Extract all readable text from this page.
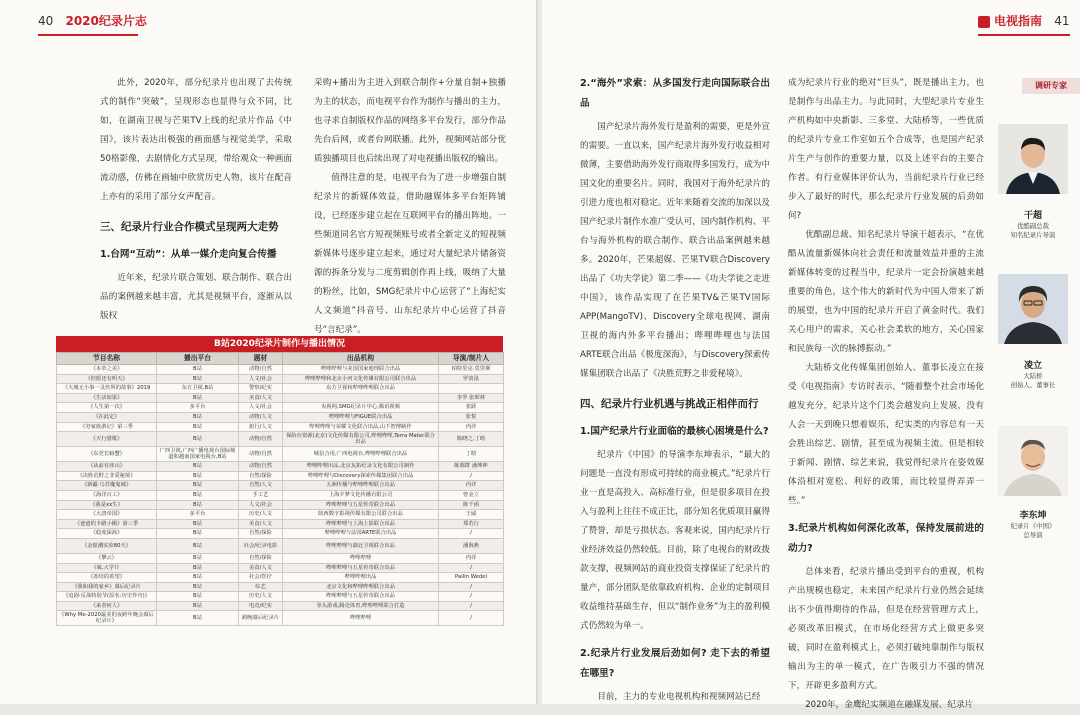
40 2020纪录片志

此外，2020年，部分纪录片也出现了去传统式的制作“突破”，呈现形态也显得与众不同，比如，在湖南卫视与芒果TV上线的纪录片作品《中国》，该片表达出极强的画面感与视觉美学，采取50格影像，去剧情化方式呈现，带给观众一种画面流动感，仿佛在画轴中欣赏历史人物，该片在配音上亦有的采用了部分女声配音。

三、纪录片行业合作模式呈现两大走势
1.台网“互动”：从单一媒介走向复合传播

近年来，纪录片联合策划、联合制作、联合出品的案例越来越丰富，尤其是视频平台，逐渐从以版权

采购+播出为主进入到联合制作+分量自制+独播为主的状态，而电视平台作为制作与播出的主力，也寻求自制版权作品的网络多平台发行，部分作品先台后网，或者台网联播。此外，视频网站部分优质独播项目也后续出现了对电视播出版权的输出。

值得注意的是，电视平台为了进一步增强自制纪录片的新媒体效益，借助融媒体多平台矩阵铺设，已经逐步建立起在互联网平台的播出阵地。一些频道同名官方短视频账号或者全新定义的短视频新媒体号逐步建立起来，通过对大量纪录片储备资源的拆条分发与二度剪辑创作再上线，吸纳了大量的粉丝，比如，SMG纪录片中心运营了“上海纪实人文频道”抖音号、山东纪录片中心运营了抖音号“言纪录”。

B站2020纪录片制作与播出情况
节目名称	播出平台	题材	出品机构	导演/制片人
《本草之美》	B站	动物/自然	哔哩哔哩与美国国家地理联合出品	柏特里克·莫里斯
《但愿还有明天》	B站	人文/社会	哔哩哔哩和北京小河文化传媒有限公司联合出品	罗寅泓
《大城无小事一灵丝所的故事》2019	东方卫视,B站	警察/纪实	东方卫视和哔哩哔哩联合出品	
《生活如果》	B站	美食/人文		李罗 张晖林
《人生第一次》	多平台	人文/社会	央视网,SMG纪录片中心,腾讯视频	张跃
《在此定》	B站	动物/人文	哔哩哔哩与FIGUE联合出品	张悦
《穷家族游记》第三季	B站	旅行/人文	哔哩哔哩与荣耀文化联合出品,山下智博制作	内详
《天行猎歌》	B站	动物/自然	保险台资源(北京)文化传媒有限公司,哔哩哔哩,Terra Mater联合出品	陈晓之,丁晗
《东莞长螃蟹》	广西卫视,广西广播电视台国际频道和越南国家电视台,B站	动物/自然	城信合用,广西电视台,哔哩哔哩联合出品	丁晗
《从前有座山》	B站	动物/自然	哔哩哔哩出品,北京友拓纪录文化有限公司制作	陈都群 潘坤坤
《决胜荒野之非爱秘境》	B站	自然/探险	哔哩哔哩与Discovery探索传媒集团联合出品	/
《新疆·乌苏魔鬼城》	B站	自然/人文	五洲传播与哔哩哔哩联合出品	内详
《海洋百工》	B站	手工艺	上海夕梦文化传播有限公司	曾金立
《我是xx生》	B站	人文/社会	哔哩哔哩与五星传奇联合出品	陈千函
《大唐帝国》	多平台	历史/人文	陕西数字影视传媒有限公司联合出品	王威
《爸爸的卡路小搬》第三季	B站	美食/人文	哔哩哔哩与上海上影联合出品	郑若行
《稳度深海》	B站	自然/探险	哔哩哔哩与法国ARTE联合出品	/
《金银潮实验80天》	B站	社会/纪录电影	哔哩哔哩与湖北卫视联合出品	潘海燕
《攀云》	B站	自然/探险	哔哩哔哩	内详
《味,大学!》	B站	美食/人文	哔哩哔哩与五星传奇联合出品	/
《冻结的希望》	B站	社会/医疗	哔哩哔哩出品	Pailin Wedel
《我和我的家乡》幕后纪录片	B站	综艺	北京文化和哔哩哔哩联合出品	/
《追剧·反战特别节(原名:历史作舟)》	B站	历史/人文	哔哩哔哩与五星传奇联合出品	/
《来者何人》	B站	电竞/纪实	拳头游戏,腾竞体育,哔哩哔哩联合打造	/
《Why Me-2020最美的夜跨年晚会幕后纪录片》	B站	跨晚幕后纪录片	哔哩哔哩	/
电视指南 41
2.“海外”求索：从多国发行走向国际联合出品

国产纪录片海外发行是盈利的需要，更是外宣的需要。一直以来，国产纪录片海外发行收益相对微薄，主要借助海外发行商取得多国发行，成为中国文化的重要名片。同时，我国对于海外纪录片的引进力度也相对稳定。近年来随着交流的加深以及国产纪录片制作水准广受认可，国内制作机构、平台与海外机构的联合制作、联合出品案例越来越多。2020年，芒果超媒、芒果TV联合Discovery出品了《功夫学徒》第二季——《功夫学徒之走进中国》，该作品实现了在芒果TV&芒果TV国际APP(MangoTV)、Discovery全球电视网、湖南卫视的海内外多平台播出；哔哩哔哩也与法国ARTE联合出品《极度深海》，与Discovery探索传媒集团联合出品了《决胜荒野之非爱秘境》。

四、纪录片行业机遇与挑战正相伴而行
1.国产纪录片行业面临的最核心困境是什么?

纪录片《中国》的导演李东坤表示，“最大的问题是一直没有形成可持续的商业模式。”纪录片行业一直是高投入、高标准行业，但是很多项目在投入与盈利上往往不成正比，部分知名优质项目赢得了赞誉，却是亏损状态。客观来说，国内纪录片行业经济效益仍然较低。目前，除了电视台的财政拨款支撑，视频网站的商业投资支撑保证了纪录片的量产，部分团队是依靠政府机构、企业的定制项目收益维持基础生存，但以“制作业务”为主的盈利模式仍然较为单一。

2.纪录片行业发展后劲如何? 走下去的希望在哪里?

目前，主力的专业电视机构和视频网站已经

成为纪录片行业的绝对“巨头”，既是播出主力，也是制作与出品主力。与此同时，大型纪录片专业生产机构如中央新影、三多堂、大陆桥等，一些优质的纪录片专业工作室如五个合成等，也是国产纪录片生产与创作的重要力量，以及上述平台的主要合作者。有行业媒体评价认为，当前纪录片行业已经步入了最好的时代，那么纪录片行业发展的后劲如何?

优酷副总裁、知名纪录片导演干超表示，“在优酷从流量新媒体向社会责任和流量效益并重的主流新媒体转变的过程当中，纪录片一定会扮演越来越重要的角色，这个伟大的新时代为中国人带来了新的展望，也为中国的纪录片开启了黄金时代。我们关心用户的需求，关心社会柔软的地方，关心国家和民族每一次的脉搏振动。”

大陆桥文化传媒集团创始人、董事长凌立在接受《电视指南》专访时表示，“随着整个社会市场化越发充分，纪录片这个门类会越发向上发展，没有人会一天到晚只想着娱乐，纪实类的内容总有一天会胜出综艺、剧情，甚至成为视频主流。但是相较于新闻、剧情、综艺来说，我觉得纪录片在姿效媒体沿相对宽松、利好的政策，而比较显得弄弄一些。”

3.纪录片机构如何深化改革，保持发展前进的动力?

总体来看，纪录片播出受到平台的重视，机构产出规模也稳定，未来国产纪录片行业仍然会延续出不少值得期待的作品，但是在经营管理方式上，必须改革旧模式，在市场化经营方式上做更多突破，同时在盈利模式上，必须打破纯靠制作与版权输出为主的单一模式，在广告吸引力不强的情况下，开辟更多盈利方式。

2020年，金鹰纪实频道在融媒发展、纪录片

调研专家
干超
优酷副总裁
知名纪录片导演
凌立
大陆桥
创始人、董事长
李东坤
纪录片《中国》
总导演
